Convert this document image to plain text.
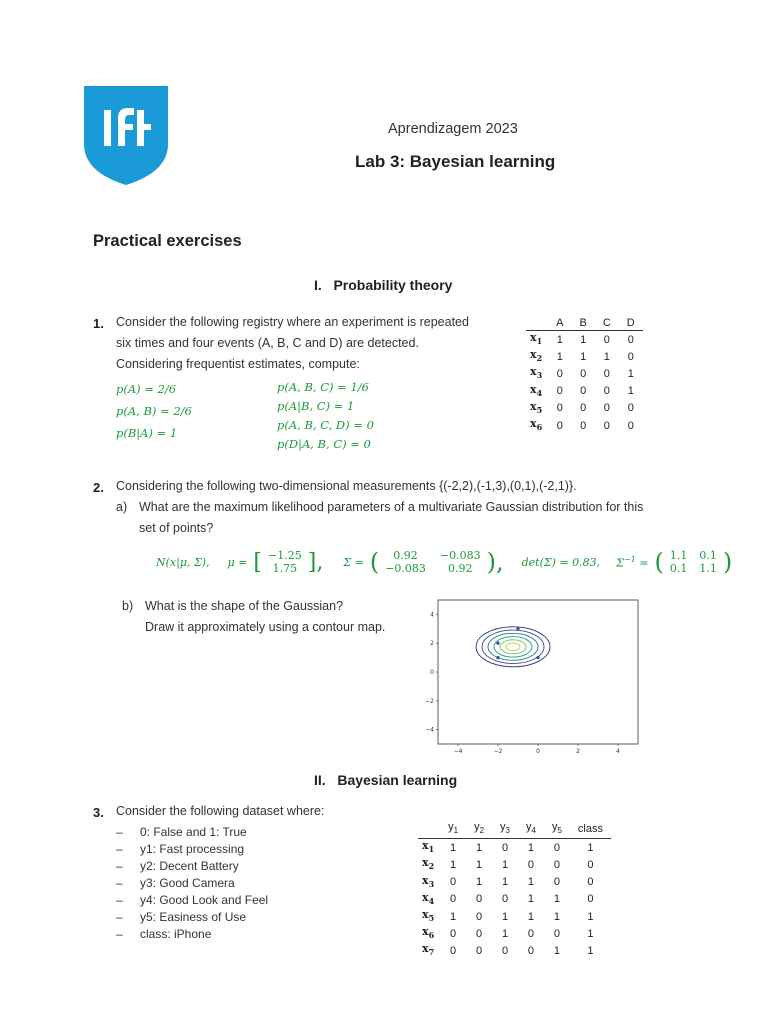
Aprendizagem 2023
Lab 3: Bayesian learning
Practical exercises
I.   Probability theory
1. Consider the following registry where an experiment is repeated
six times and four events (A, B, C and D) are detected.
Considering frequentist estimates, compute:
p(A) = 2/6
p(A, B) = 2/6
p(B|A) = 1
p(A, B, C) = 1/6
p(A|B, C) = 1
p(A, B, C, D) = 0
p(D|A, B, C) = 0
	A	B	C	D
$x_1$	1	1	0	0
$x_2$	1	1	1	0
$x_3$	0	0	0	1
$x_4$	0	0	0	1
$x_5$	0	0	0	0
$x_6$	0	0	0	0
2. Considering the following two-dimensional measurements {(-2,2),(-1,3),(0,1),(-2,1)}.
a) What are the maximum likelihood parameters of a multivariate Gaussian distribution for this
set of points?
N(x|μ, Σ), μ = [ −1.25
1.75 ], Σ = (	0.92	−0.083
−0.083	0.92 ), det(Σ) = 0.83, $\Sigma^{-1}$ = ( 1.1 0.1
0.1 1.1 )
b) What is the shape of the Gaussian?
Draw it approximately using a contour map.
−4	−2	0	2	4
4
2
0
−2
−4
II.   Bayesian learning
3. Consider the following dataset where:
– 0: False and 1: True
– y1: Fast processing
– y2: Decent Battery
– y3: Good Camera
– y4: Good Look and Feel
– y5: Easiness of Use
– class: iPhone
	$y_1$	$y_2$	$y_3$	$y_4$	$y_5$	class
$x_1$	1	1	0	1	0	1
$x_2$	1	1	1	0	0	0
$x_3$	0	1	1	1	0	0
$x_4$	0	0	0	1	1	0
$x_5$	1	0	1	1	1	1
$x_6$	0	0	1	0	0	1
$x_7$	0	0	0	0	1	1
